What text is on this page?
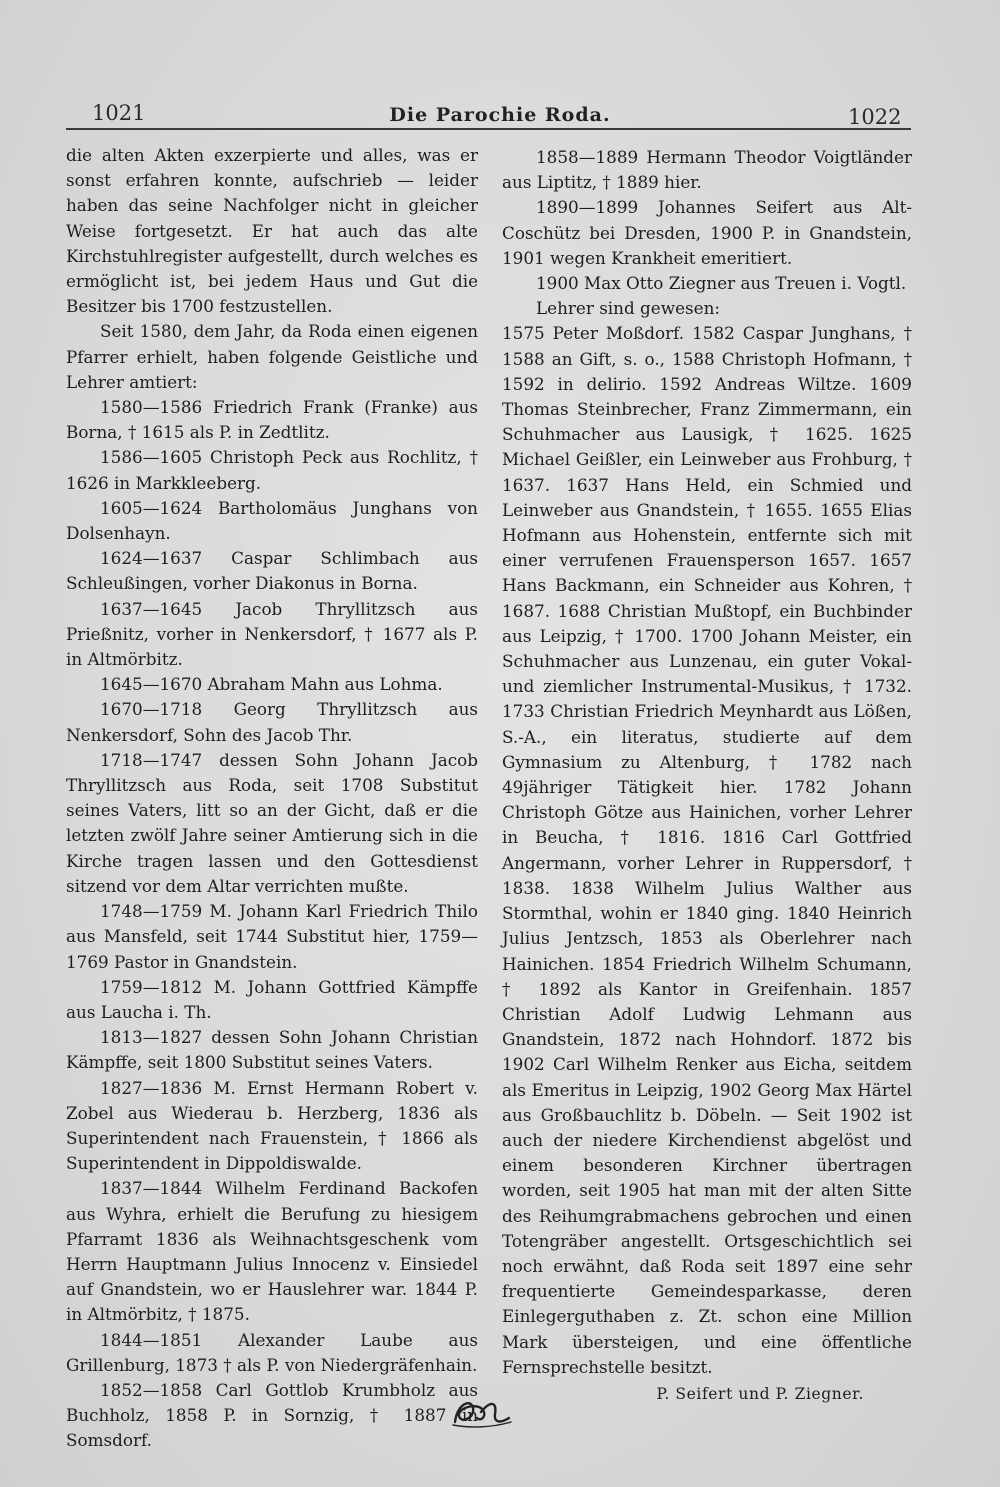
1021	Die Parochie Roda.	1022

die alten Akten exzerpierte und alles, was er sonst erfahren konnte, aufschrieb — leider haben das seine Nachfolger nicht in gleicher Weise fortgesetzt. Er hat auch das alte Kirchstuhlregister aufgestellt, durch welches es ermöglicht ist, bei jedem Haus und Gut die Besitzer bis 1700 festzustellen.

Seit 1580, dem Jahr, da Roda einen eigenen Pfarrer erhielt, haben folgende Geistliche und Lehrer amtiert:

1580—1586 Friedrich Frank (Franke) aus Borna, † 1615 als P. in Zedtlitz.

1586—1605 Christoph Peck aus Rochlitz, † 1626 in Markkleeberg.

1605—1624 Bartholomäus Junghans von Dolsenhayn.

1624—1637 Caspar Schlimbach aus Schleußingen, vorher Diakonus in Borna.

1637—1645 Jacob Thryllitzsch aus Prießnitz, vorher in Nenkersdorf, † 1677 als P. in Altmörbitz.

1645—1670 Abraham Mahn aus Lohma.

1670—1718 Georg Thryllitzsch aus Nenkersdorf, Sohn des Jacob Thr.

1718—1747 dessen Sohn Johann Jacob Thryllitzsch aus Roda, seit 1708 Substitut seines Vaters, litt so an der Gicht, daß er die letzten zwölf Jahre seiner Amtierung sich in die Kirche tragen lassen und den Gottesdienst sitzend vor dem Altar verrichten mußte.

1748—1759 M. Johann Karl Friedrich Thilo aus Mansfeld, seit 1744 Substitut hier, 1759—1769 Pastor in Gnandstein.

1759—1812 M. Johann Gottfried Kämpffe aus Laucha i. Th.

1813—1827 dessen Sohn Johann Christian Kämpffe, seit 1800 Substitut seines Vaters.

1827—1836 M. Ernst Hermann Robert v. Zobel aus Wiederau b. Herzberg, 1836 als Superintendent nach Frauenstein, † 1866 als Superintendent in Dippoldiswalde.

1837—1844 Wilhelm Ferdinand Backofen aus Wyhra, erhielt die Berufung zu hiesigem Pfarramt 1836 als Weihnachtsgeschenk vom Herrn Hauptmann Julius Innocenz v. Einsiedel auf Gnandstein, wo er Hauslehrer war. 1844 P. in Altmörbitz, † 1875.

1844—1851 Alexander Laube aus Grillenburg, 1873 † als P. von Niedergräfenhain.

1852—1858 Carl Gottlob Krumbholz aus Buchholz, 1858 P. in Sornzig, † 1887 in Somsdorf.

1858—1889 Hermann Theodor Voigtländer aus Liptitz, † 1889 hier.

1890—1899 Johannes Seifert aus Alt-Coschütz bei Dresden, 1900 P. in Gnandstein, 1901 wegen Krankheit emeritiert.

1900 Max Otto Ziegner aus Treuen i. Vogtl.

Lehrer sind gewesen:

1575 Peter Moßdorf. 1582 Caspar Junghans, † 1588 an Gift, s. o., 1588 Christoph Hofmann, † 1592 in delirio. 1592 Andreas Wiltze. 1609 Thomas Steinbrecher, Franz Zimmermann, ein Schuhmacher aus Lausigk, † 1625. 1625 Michael Geißler, ein Leinweber aus Frohburg, † 1637. 1637 Hans Held, ein Schmied und Leinweber aus Gnandstein, † 1655. 1655 Elias Hofmann aus Hohenstein, entfernte sich mit einer verrufenen Frauensperson 1657. 1657 Hans Backmann, ein Schneider aus Kohren, † 1687. 1688 Christian Mußtopf, ein Buchbinder aus Leipzig, † 1700. 1700 Johann Meister, ein Schuhmacher aus Lunzenau, ein guter Vokal- und ziemlicher Instrumental-Musikus, † 1732. 1733 Christian Friedrich Meynhardt aus Lößen, S.-A., ein literatus, studierte auf dem Gymnasium zu Altenburg, † 1782 nach 49jähriger Tätigkeit hier. 1782 Johann Christoph Götze aus Hainichen, vorher Lehrer in Beucha, † 1816. 1816 Carl Gottfried Angermann, vorher Lehrer in Ruppersdorf, † 1838. 1838 Wilhelm Julius Walther aus Stormthal, wohin er 1840 ging. 1840 Heinrich Julius Jentzsch, 1853 als Oberlehrer nach Hainichen. 1854 Friedrich Wilhelm Schumann, † 1892 als Kantor in Greifenhain. 1857 Christian Adolf Ludwig Lehmann aus Gnandstein, 1872 nach Hohndorf. 1872 bis 1902 Carl Wilhelm Renker aus Eicha, seitdem als Emeritus in Leipzig, 1902 Georg Max Härtel aus Großbauchlitz b. Döbeln. — Seit 1902 ist auch der niedere Kirchendienst abgelöst und einem besonderen Kirchner übertragen worden, seit 1905 hat man mit der alten Sitte des Reihumgrabmachens gebrochen und einen Totengräber angestellt. Ortsgeschichtlich sei noch erwähnt, daß Roda seit 1897 eine sehr frequentierte Gemeindesparkasse, deren Einlegerguthaben z. Zt. schon eine Million Mark übersteigen, und eine öffentliche Fernsprechstelle besitzt.

P. Seifert und P. Ziegner.
